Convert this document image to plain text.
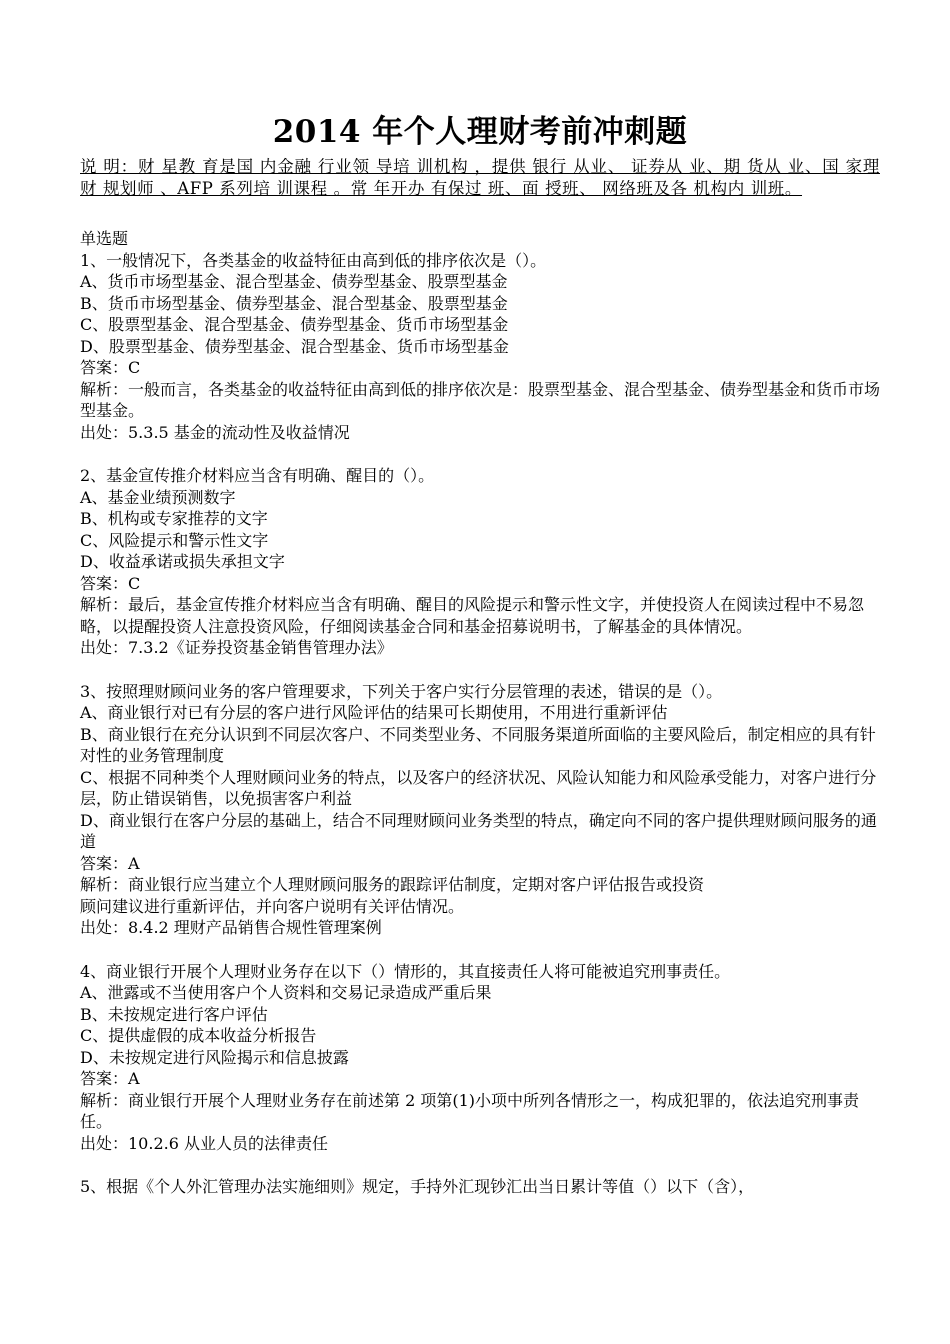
2014 年个人理财考前冲刺题

说 明：财 星教 育是国 内金融 行业领 导培 训机构 ，提供 银行 从业、 证券从 业、期 货从 业、国 家理财 规划师 、AFP 系列培 训课程 。常 年开办 有保过 班、面 授班、 网络班及各 机构内 训班。

单选题

1、一般情况下，各类基金的收益特征由高到低的排序依次是（）。

A、货币市场型基金、混合型基金、债券型基金、股票型基金

B、货币市场型基金、债券型基金、混合型基金、股票型基金

C、股票型基金、混合型基金、债券型基金、货币市场型基金

D、股票型基金、债券型基金、混合型基金、货币市场型基金

答案：C

解析：一般而言，各类基金的收益特征由高到低的排序依次是：股票型基金、混合型基金、债券型基金和货币市场型基金。

出处：5.3.5 基金的流动性及收益情况

2、基金宣传推介材料应当含有明确、醒目的（）。

A、基金业绩预测数字

B、机构或专家推荐的文字

C、风险提示和警示性文字

D、收益承诺或损失承担文字

答案：C

解析：最后，基金宣传推介材料应当含有明确、醒目的风险提示和警示性文字，并使投资人在阅读过程中不易忽略，以提醒投资人注意投资风险，仔细阅读基金合同和基金招募说明书，了解基金的具体情况。

出处：7.3.2《证券投资基金销售管理办法》

3、按照理财顾问业务的客户管理要求，下列关于客户实行分层管理的表述，错误的是（）。

A、商业银行对已有分层的客户进行风险评估的结果可长期使用，不用进行重新评估

B、商业银行在充分认识到不同层次客户、不同类型业务、不同服务渠道所面临的主要风险后，制定相应的具有针对性的业务管理制度

C、根据不同种类个人理财顾问业务的特点，以及客户的经济状况、风险认知能力和风险承受能力，对客户进行分层，防止错误销售，以免损害客户利益

D、商业银行在客户分层的基础上，结合不同理财顾问业务类型的特点，确定向不同的客户提供理财顾问服务的通道

答案：A

解析：商业银行应当建立个人理财顾问服务的跟踪评估制度，定期对客户评估报告或投资

顾问建议进行重新评估，并向客户说明有关评估情况。

出处：8.4.2 理财产品销售合规性管理案例

4、商业银行开展个人理财业务存在以下（）情形的，其直接责任人将可能被追究刑事责任。

A、泄露或不当使用客户个人资料和交易记录造成严重后果

B、未按规定进行客户评估

C、提供虚假的成本收益分析报告

D、未按规定进行风险揭示和信息披露

答案：A

解析：商业银行开展个人理财业务存在前述第 2 项第(1)小项中所列各情形之一，构成犯罪的，依法追究刑事责任。

出处：10.2.6 从业人员的法律责任

5、根据《个人外汇管理办法实施细则》规定，手持外汇现钞汇出当日累计等值（）以下（含），
